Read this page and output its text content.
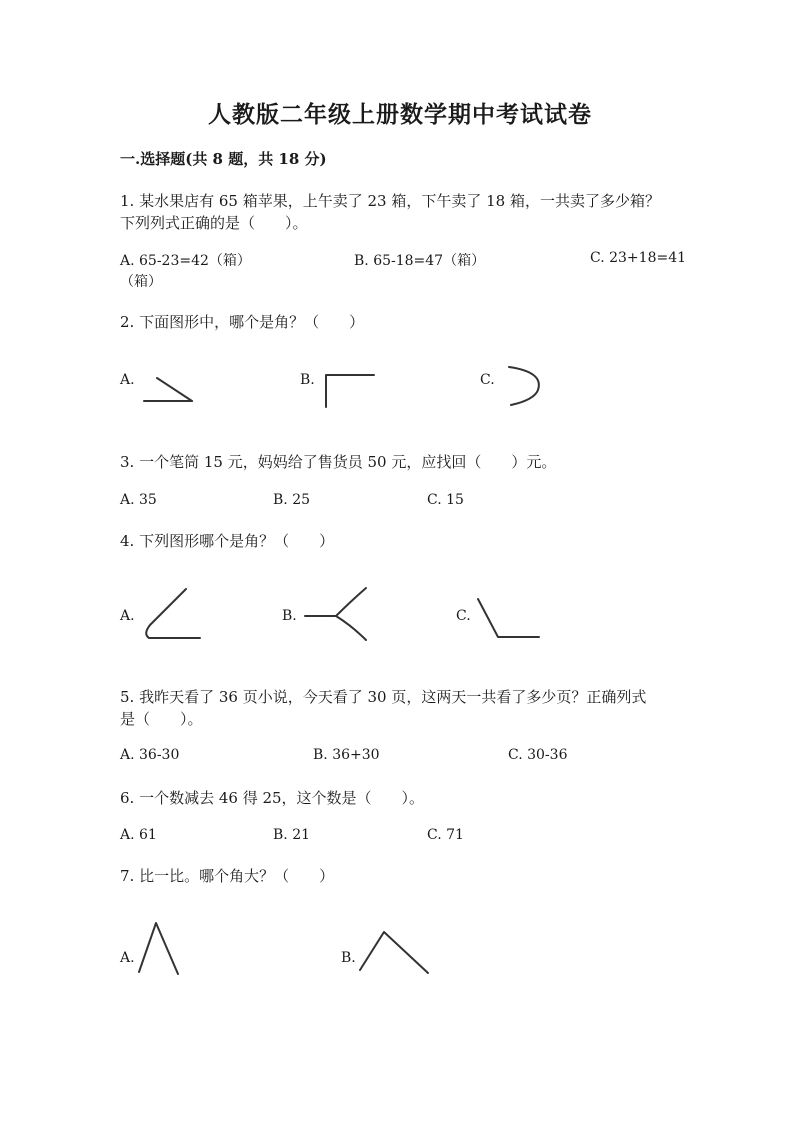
人教版二年级上册数学期中考试试卷
一.选择题(共 8 题，共 18 分)
1. 某水果店有 65 箱苹果，上午卖了 23 箱，下午卖了 18 箱，一共卖了多少箱？
下列列式正确的是（　　）。
A. 65-23=42（箱）	B. 65-18=47（箱）	C. 23+18=41
（箱）
2. 下面图形中，哪个是角？（　　）
A.	B.	C.
3. 一个笔筒 15 元，妈妈给了售货员 50 元，应找回（　　）元。
A. 35	B. 25	C. 15
4. 下列图形哪个是角？（　　）
A.	B.	C.
5. 我昨天看了 36 页小说，今天看了 30 页，这两天一共看了多少页？正确列式
是（　　）。
A. 36-30	B. 36+30	C. 30-36
6. 一个数减去 46 得 25，这个数是（　　）。
A. 61	B. 21	C. 71
7. 比一比。哪个角大？（　　）
A.	B.
